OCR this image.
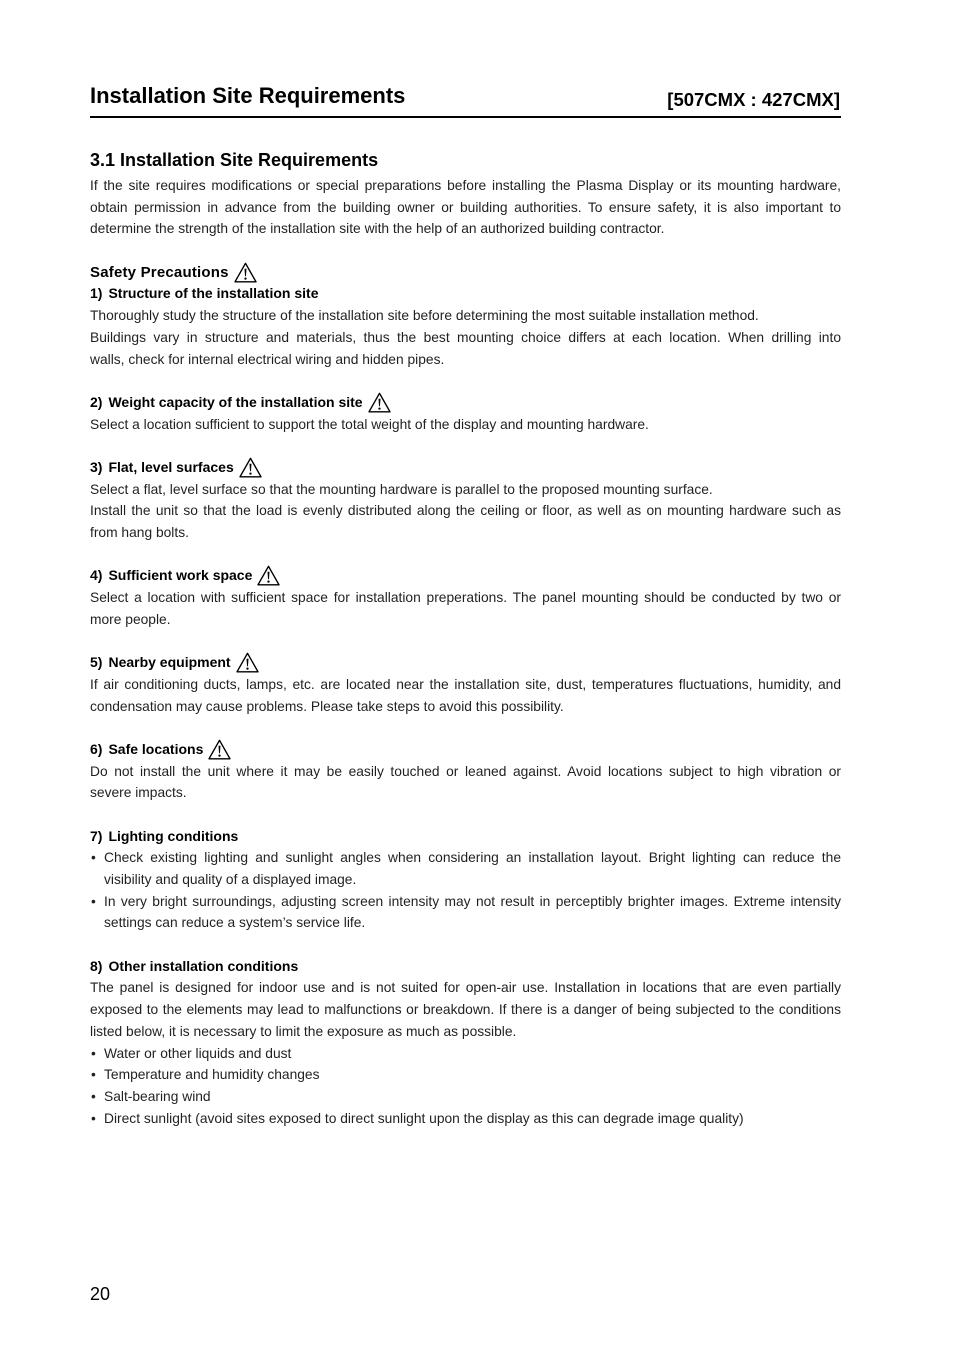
Installation Site Requirements	[507CMX : 427CMX]
3.1 Installation Site Requirements
If the site requires modifications or special preparations before installing the Plasma Display or its mounting hardware,
obtain permission in advance from the building owner or building authorities. To ensure safety, it is also important to
determine the strength of the installation site with the help of an authorized building contractor.
Safety Precautions
1) Structure of the installation site
Thoroughly study the structure of the installation site before determining the most suitable installation method.
Buildings vary in structure and materials, thus the best mounting choice differs at each location. When drilling into
walls, check for internal electrical wiring and hidden pipes.
2) Weight capacity of the installation site
Select a location sufficient to support the total weight of the display and mounting hardware.
3) Flat, level surfaces
Select a flat, level surface so that the mounting hardware is parallel to the proposed mounting surface.
Install the unit so that the load is evenly distributed along the ceiling or floor, as well as on mounting hardware such as
from hang bolts.
4) Sufficient work space
Select a location with sufficient space for installation preperations. The panel mounting should be conducted by two or
more people.
5) Nearby equipment
If air conditioning ducts, lamps, etc. are located near the installation site, dust, temperatures fluctuations, humidity, and
condensation may cause problems. Please take steps to avoid this possibility.
6) Safe locations
Do not install the unit where it may be easily touched or leaned against. Avoid locations subject to high vibration or
severe impacts.
7) Lighting conditions
• Check existing lighting and sunlight angles when considering an installation layout. Bright lighting can reduce the
visibility and quality of a displayed image.
• In very bright surroundings, adjusting screen intensity may not result in perceptibly brighter images. Extreme intensity
settings can reduce a system’s service life.
8) Other installation conditions
The panel is designed for indoor use and is not suited for open-air use. Installation in locations that are even partially
exposed to the elements may lead to malfunctions or breakdown. If there is a danger of being subjected to the conditions
listed below, it is necessary to limit the exposure as much as possible.
• Water or other liquids and dust
• Temperature and humidity changes
• Salt-bearing wind
• Direct sunlight (avoid sites exposed to direct sunlight upon the display as this can degrade image quality)
20
